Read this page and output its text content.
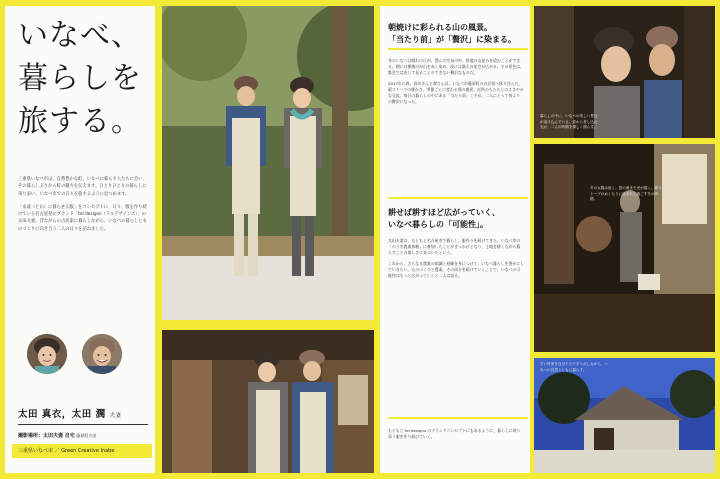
いなべ、
暮らしを
旅する。

三重県いなべ市は、自然豊かな町。いなべに暮らす人たちに会い、その暮らしぶりから町の魅力を伝えます。ひとりひとりの暮らしに寄り添い、いなべ市での日々を旅するように見つめます。

「永遠（とわ）に暮らせる服」をコンセプトに、日々、服を作り続けている名古屋発のブランド「tel designs（テルデザインズ）」の太田夫妻。昔ながらの古民家に暮らしながら、いなべの暮らしとものづくりに向き合う二人の日々を訪ねました。

太田 真衣，太田 潤 夫妻
撮影場所：太田夫妻 自宅 藤原町古田
三重県いなべ市 ／ Green Creative Inabe
朝焼けに彩られる山の風景。
「当たり前」が「贅沢」に染まる。

冬のいなべは晴れの日が、澄んだ空気の中、鈴鹿の山並みを望むことができる。朝には朝焼けが山を赤く染め、夜には満天の星空が広がる。その景色は、都会では決して見ることのできない贅沢なものだ。

2017年の春、真衣さんと潤さんは、いなべ市藤原町の古民家へ移り住んだ。薪ストーブの暖かさ、季節ごとに変わる畑の風景、近所の人たちとのささやかな交流。毎日の暮らしの中にある「当たり前」こそが、二人にとって何よりの贅沢になった。

耕せば耕すほど広がっていく、
いなべ暮らしの「可能性」。

太田夫妻は、もともと名古屋市で暮らし、服作りを続けてきた。いなべ市の「のうき農業体験」に参加したことがきっかけとなり、土地を耕しながら暮らすことの楽しさに気づいたという。

これから、さらなる農業の知識と経験を身につけて、いなべ暮らしを豊かにしていきたい。ものづくりと農業、その両方を続けていくことで、いなべの可能性はもっと広がっていくと二人は語る。

もともと tel designs のブランドコンセプトにもあるように、暮らしに寄り添う服を作り続けていく。

暮らしの中に、いなべの美しい景色が溶け込んでいる。窓から差し込む光が、二人の時間を優しく照らす。

冬の太陽は低く、窓の奥まで光が届く。薪ストーブのぬくもりに包まれて過ごす冬の時間。

古い民家を自分たちで手入れしながら、いなべの自然とともに暮らす。
